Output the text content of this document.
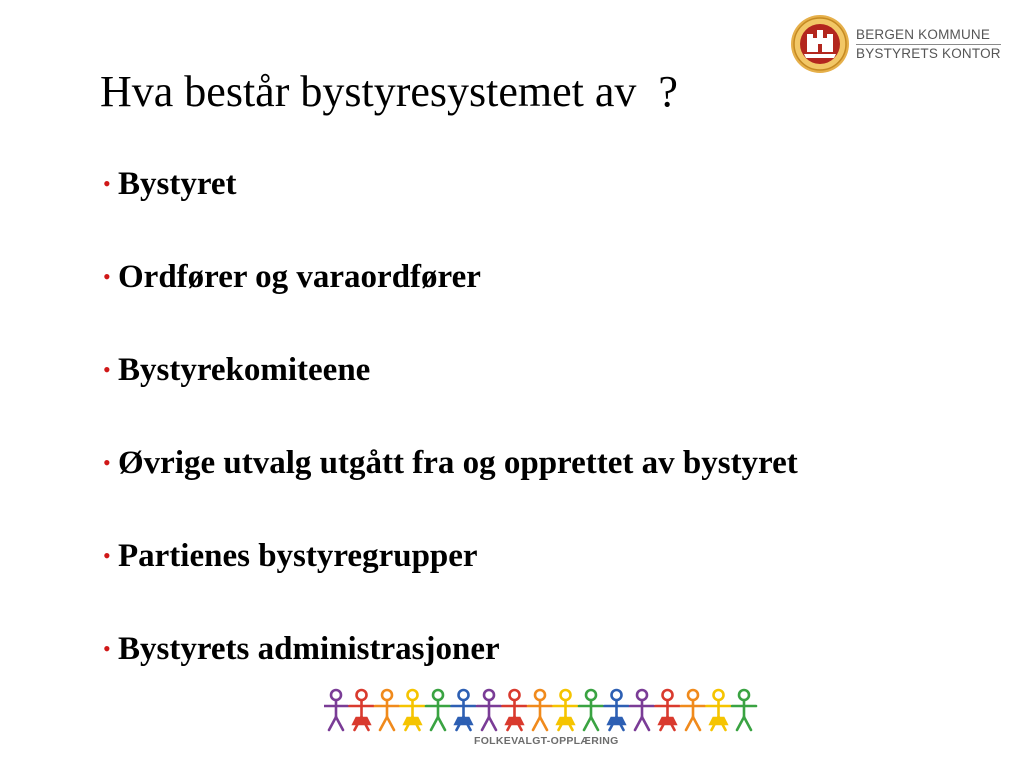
BERGEN KOMMUNE
BYSTYRETS KONTOR
Hva består bystyresystemet av  ?
• Bystyret
• Ordfører og varaordfører
• Bystyrekomiteene
• Øvrige utvalg utgått fra og opprettet av bystyret
• Partienes bystyregrupper
• Bystyrets administrasjoner
FOLKEVALGT-OPPLÆRING
